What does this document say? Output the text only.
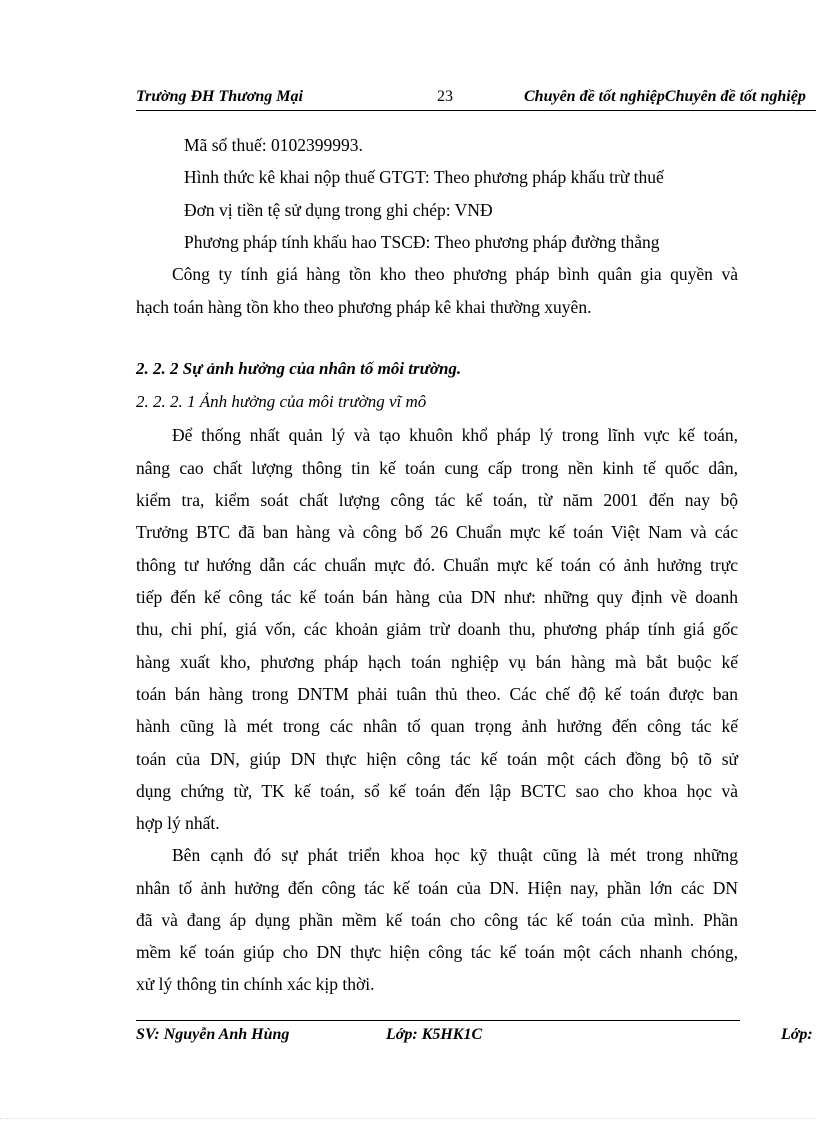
Trường ĐH Thương Mại	23	Chuyên đề tốt nghiệpChuyên đề tốt nghiệp
Mã số thuế: 0102399993.
Hình thức kê khai nộp thuế GTGT: Theo phương pháp khấu trừ thuế
Đơn vị tiền tệ sử dụng trong ghi chép: VNĐ
Phương pháp tính khấu hao TSCĐ: Theo phương pháp đường thẳng
Công ty tính giá hàng tồn kho theo phương pháp bình quân gia quyền và
hạch toán hàng tồn kho theo phương pháp kê khai thường xuyên.
2. 2. 2 Sự ảnh hưởng của nhân tố môi trường.
2. 2. 2. 1 Ảnh hưởng của môi trường vĩ mô
Để thống nhất quản lý và tạo khuôn khổ pháp lý trong lĩnh vực kế toán,
nâng cao chất lượng thông tin kế toán cung cấp trong nền kinh tế quốc dân,
kiểm tra, kiểm soát chất lượng công tác kế toán, từ năm 2001 đến nay bộ
Trưởng BTC đã ban hàng và công bố 26 Chuẩn mực kế toán Việt Nam và các
thông tư hướng dẫn các chuẩn mực đó. Chuẩn mực kế toán có ảnh hưởng trực
tiếp đến kế công tác kế toán bán hàng của DN như: những quy định về doanh
thu, chi phí, giá vốn, các khoản giảm trừ doanh thu, phương pháp tính giá gốc
hàng xuất kho, phương pháp hạch toán nghiệp vụ bán hàng mà bắt buộc kế
toán bán hàng trong DNTM phải tuân thủ theo. Các chế độ kế toán được ban
hành cũng là mét trong các nhân tố quan trọng ảnh hưởng đến công tác kế
toán của DN, giúp DN thực hiện công tác kế toán một cách đồng bộ tõ sử
dụng chứng từ, TK kế toán, sổ kế toán đến lập BCTC sao cho khoa học và
hợp lý nhất.
Bên cạnh đó sự phát triển khoa học kỹ thuật cũng là mét trong những
nhân tố ảnh hưởng đến công tác kế toán của DN. Hiện nay, phần lớn các DN
đã và đang áp dụng phần mềm kế toán cho công tác kế toán của mình. Phần
mềm kế toán giúp cho DN thực hiện công tác kế toán một cách nhanh chóng,
xử lý thông tin chính xác kịp thời.
SV: Nguyễn Anh Hùng	Lớp: K5HK1C	Lớp:
